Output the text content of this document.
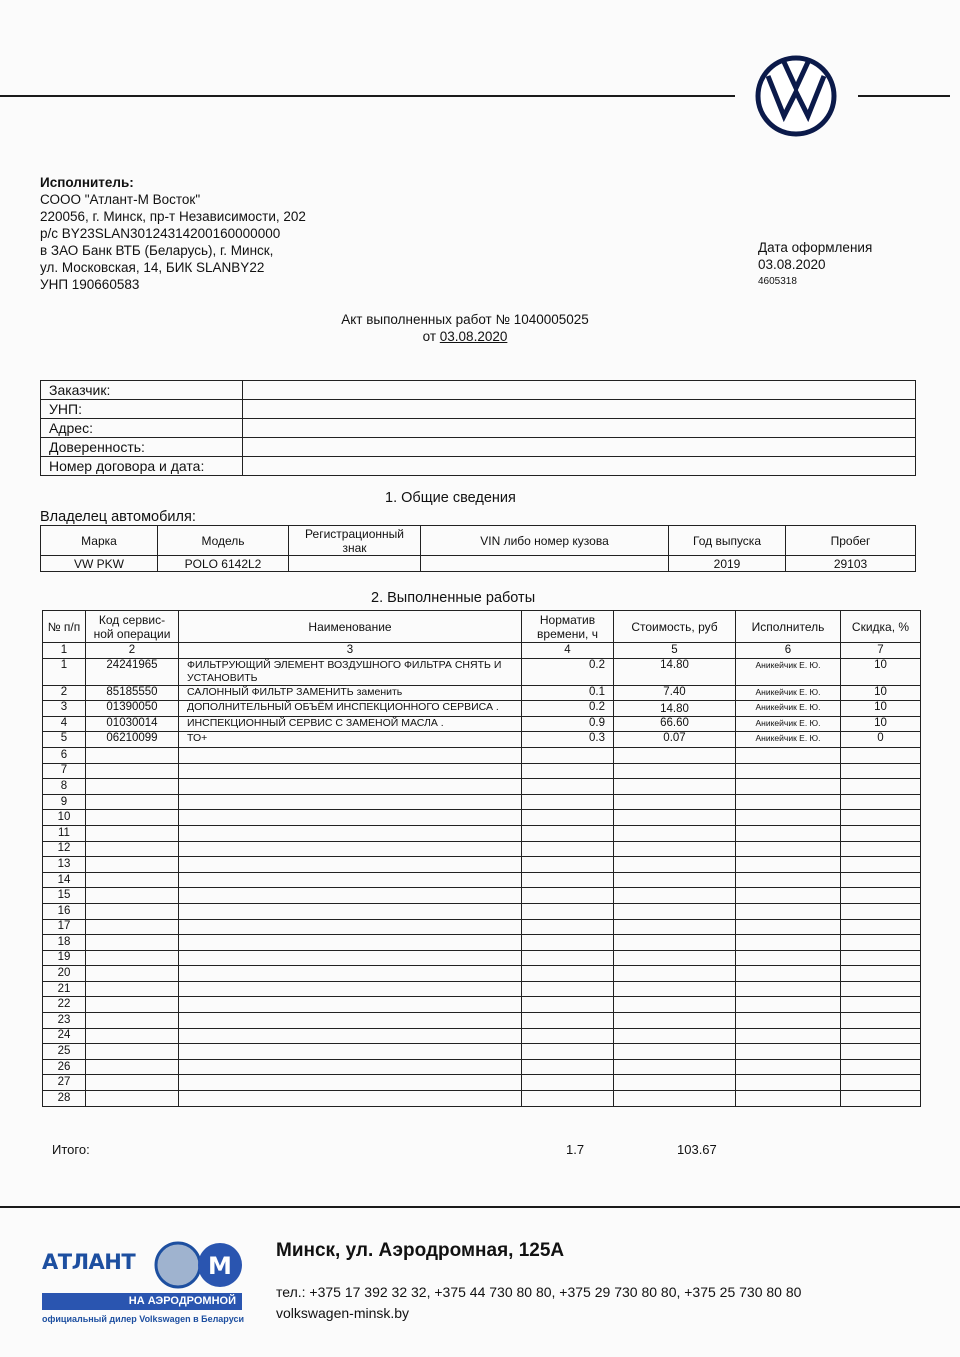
Исполнитель:
СООО "Атлант-М Восток"
220056, г. Минск, пр-т Независимости, 202
р/с BY23SLAN30124314200160000000
в ЗАО Банк ВТБ (Беларусь), г. Минск,
ул. Московская, 14, БИК SLANBY22
УНП 190660583
Дата оформления
03.08.2020
4605318
Акт выполненных работ № 1040005025
от 03.08.2020
Заказчик:	
УНП:	
Адрес:	
Доверенность:	
Номер договора и дата:	
1. Общие сведения
Владелец автомобиля:
Марка	Модель	Регистрационный знак	VIN либо номер кузова	Год выпуска	Пробег
VW PKW	POLO 6142L2			2019	29103
2. Выполненные работы
№ п/п	Код сервис-ной операции	Наименование	Норматив времени, ч	Стоимость, руб	Исполнитель	Скидка, %
1	2	3	4	5	6	7
1	24241965	ФИЛЬТРУЮЩИЙ ЭЛЕМЕНТ ВОЗДУШНОГО ФИЛЬТРА СНЯТЬ И УСТАНОВИТЬ	0.2	14.80	Аникейчик Е. Ю.	10
2	85185550	САЛОННЫЙ ФИЛЬТР ЗАМЕНИТЬ заменить	0.1	7.40	Аникейчик Е. Ю.	10
3	01390050	ДОПОЛНИТЕЛЬНЫЙ ОБЪЁМ ИНСПЕКЦИОННОГО СЕРВИСА .	0.2	14.80	Аникейчик Е. Ю.	10
4	01030014	ИНСПЕКЦИОННЫЙ СЕРВИС С ЗАМЕНОЙ МАСЛА .	0.9	66.60	Аникейчик Е. Ю.	10
5	06210099	ТО+	0.3	0.07	Аникейчик Е. Ю.	0
6						
7						
8						
9						
10						
11						
12						
13						
14						
15						
16						
17						
18						
19						
20						
21						
22						
23						
24						
25						
26						
27						
28						
Итого:	1.7	103.67
АТЛАНТ	M
НА АЭРОДРОМНОЙ
официальный дилер Volkswagen в Беларуси
Минск, ул. Аэродромная, 125А
тел.: +375 17 392 32 32, +375 44 730 80 80, +375 29 730 80 80, +375 25 730 80 80
volkswagen-minsk.by
